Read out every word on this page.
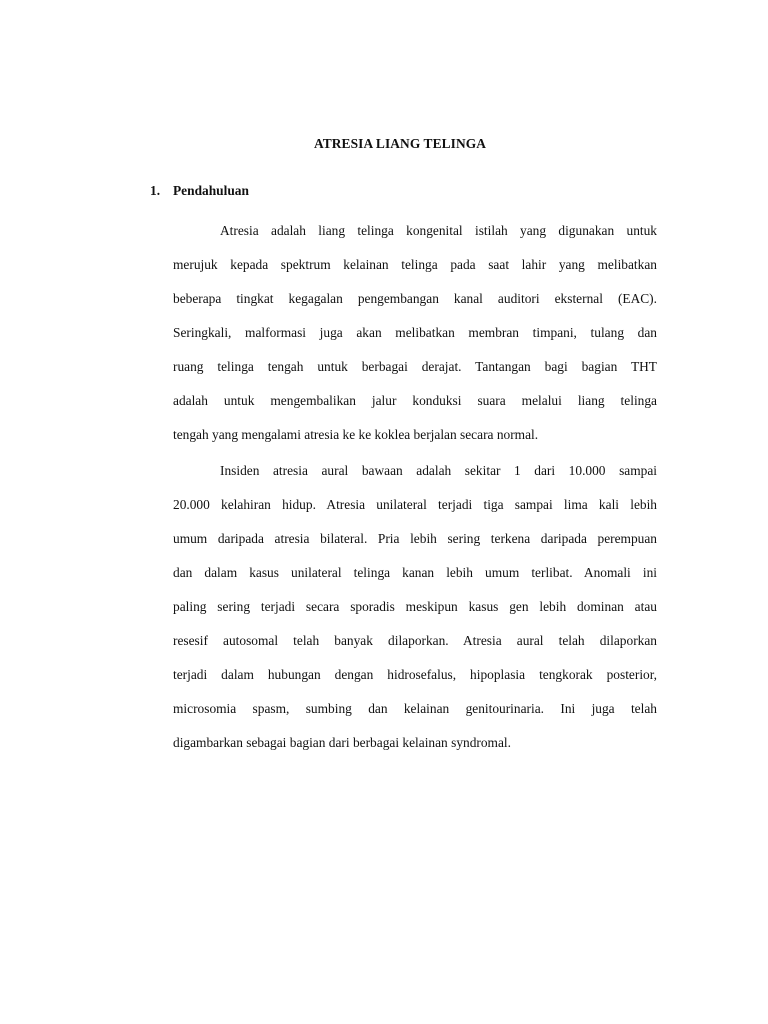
ATRESIA LIANG TELINGA
1. Pendahuluan
Atresia adalah liang telinga kongenital istilah yang digunakan untuk
merujuk kepada spektrum kelainan telinga pada saat lahir yang melibatkan
beberapa tingkat kegagalan pengembangan kanal auditori eksternal (EAC).
Seringkali, malformasi juga akan melibatkan membran timpani, tulang dan
ruang telinga tengah untuk berbagai derajat. Tantangan bagi bagian THT
adalah untuk mengembalikan jalur konduksi suara melalui liang telinga
tengah yang mengalami atresia ke ke koklea berjalan secara normal.
Insiden atresia aural bawaan adalah sekitar 1 dari 10.000 sampai
20.000 kelahiran hidup. Atresia unilateral terjadi tiga sampai lima kali lebih
umum daripada atresia bilateral. Pria lebih sering terkena daripada perempuan
dan dalam kasus unilateral telinga kanan lebih umum terlibat. Anomali ini
paling sering terjadi secara sporadis meskipun kasus gen lebih dominan atau
resesif autosomal telah banyak dilaporkan. Atresia aural telah dilaporkan
terjadi dalam hubungan dengan hidrosefalus, hipoplasia tengkorak posterior,
microsomia spasm, sumbing dan kelainan genitourinaria. Ini juga telah
digambarkan sebagai bagian dari berbagai kelainan syndromal.
